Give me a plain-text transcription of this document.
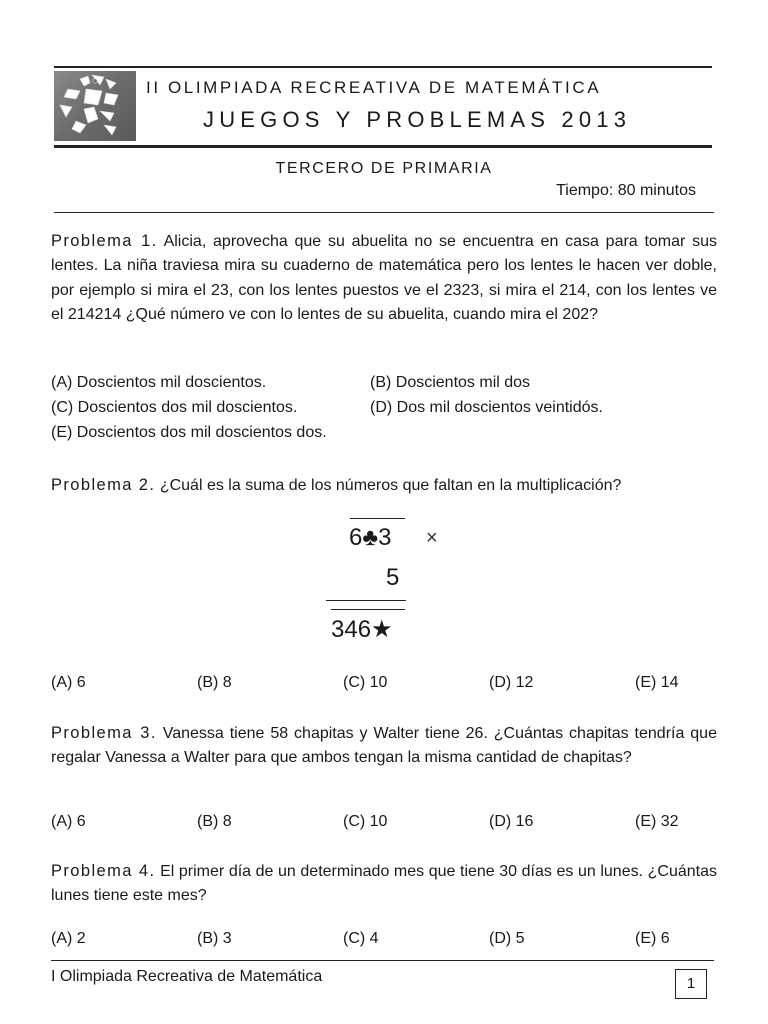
II OLIMPIADA RECREATIVA DE MATEMÁTICA
JUEGOS Y PROBLEMAS 2013
TERCERO DE PRIMARIA
Tiempo: 80 minutos
Problema 1. Alicia, aprovecha que su abuelita no se encuentra en casa para tomar sus lentes. La niña traviesa mira su cuaderno de matemática pero los lentes le hacen ver doble, por ejemplo si mira el 23, con los lentes puestos ve el 2323, si mira el 214, con los lentes ve el 214214 ¿Qué número ve con lo lentes de su abuelita, cuando mira el 202?
(A) Doscientos mil doscientos.	(B) Doscientos mil dos
(C) Doscientos dos mil doscientos.	(D) Dos mil doscientos veintidós.
(E) Doscientos dos mil doscientos dos.
Problema 2. ¿Cuál es la suma de los números que faltan en la multiplicación?
6♣3 ×
5
346★
(A) 6	(B) 8	(C) 10	(D) 12	(E) 14
Problema 3. Vanessa tiene 58 chapitas y Walter tiene 26. ¿Cuántas chapitas tendría que regalar Vanessa a Walter para que ambos tengan la misma cantidad de chapitas?
(A) 6	(B) 8	(C) 10	(D) 16	(E) 32
Problema 4. El primer día de un determinado mes que tiene 30 días es un lunes. ¿Cuántas lunes tiene este mes?
(A) 2	(B) 3	(C) 4	(D) 5	(E) 6
I Olimpiada Recreativa de Matemática	1
